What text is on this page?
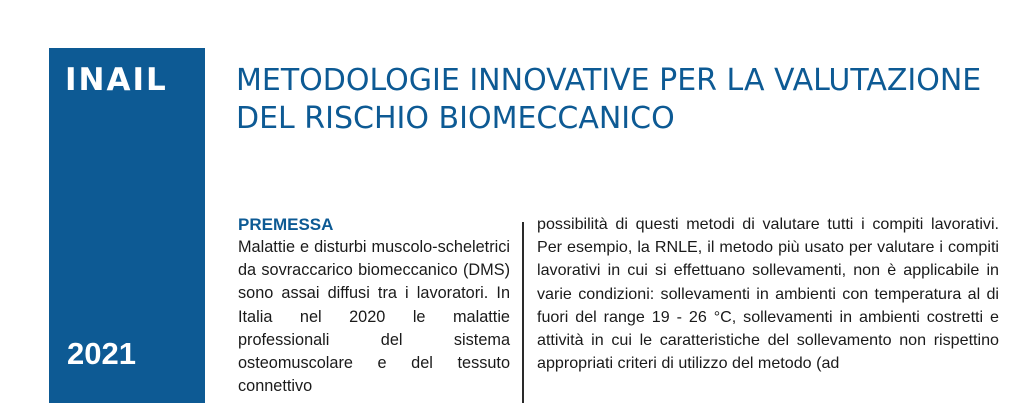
INAIL
2021
METODOLOGIE INNOVATIVE PER LA VALUTAZIONE DEL RISCHIO BIOMECCANICO
PREMESSA

Malattie e disturbi muscolo-scheletrici da sovraccarico biomeccanico (DMS) sono assai diffusi tra i lavoratori. In Italia nel 2020 le malattie professionali del sistema osteomuscolare e del tessuto connettivo

possibilità di questi metodi di valutare tutti i compiti lavorativi. Per esempio, la RNLE, il metodo più usato per valutare i compiti lavorativi in cui si effettuano sollevamenti, non è applicabile in varie condizioni: sollevamenti in ambienti con temperatura al di fuori del range 19 - 26 °C, sollevamenti in ambienti costretti e attività in cui le caratteristiche del sollevamento non rispettino appropriati criteri di utilizzo del metodo (ad
